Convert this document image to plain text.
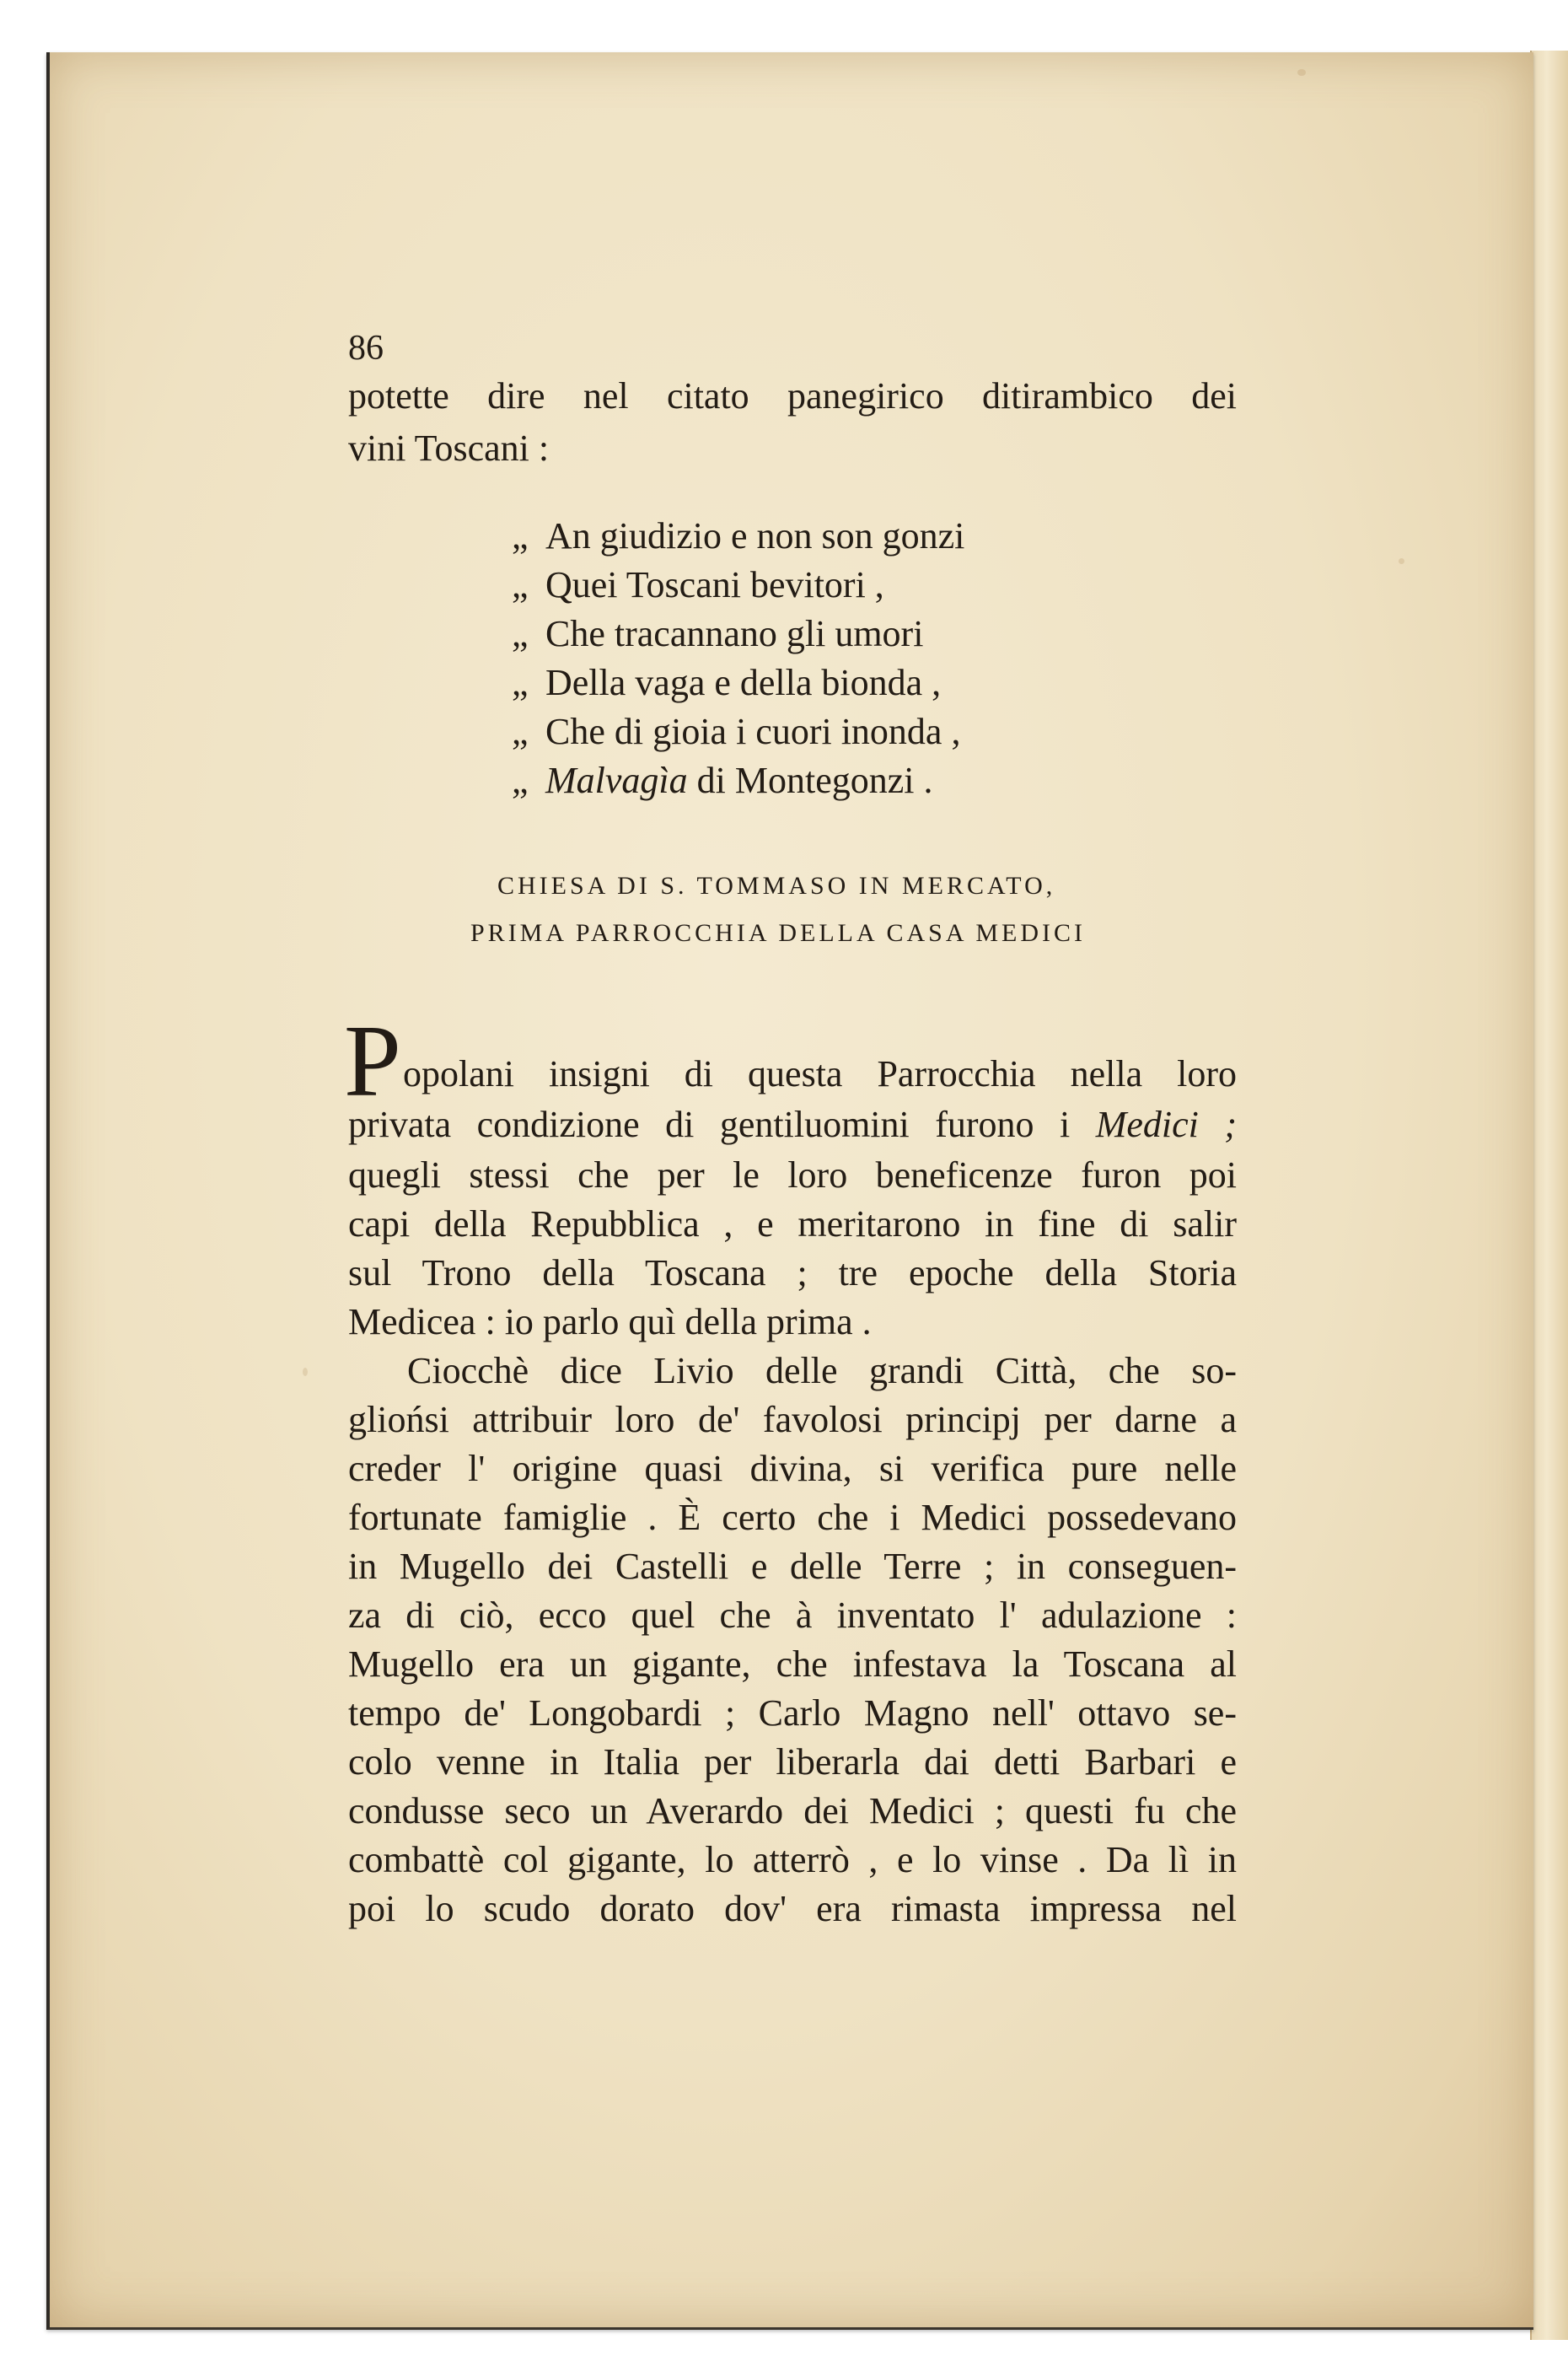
86

potette dire nel citato panegirico ditirambico dei

vini Toscani :

„ An giudizio e non son gonzi

„ Quei Toscani bevitori ,

„ Che tracannano gli umori

„ Della vaga e della bionda ,

„ Che di gioia i cuori inonda ,

„ Malvagìa di Montegonzi .

CHIESA DI S. TOMMASO IN MERCATO,

PRIMA PARROCCHIA DELLA CASA MEDICI

P opolani insigni di questa Parrocchia nella loro

privata condizione di gentiluomini furono i Medici ;

quegli stessi che per le loro beneficenze furon poi

capi della Repubblica , e meritarono in fine di salir

sul Trono della Toscana ; tre epoche della Storia

Medicea : io parlo quì della prima .

Ciocchè dice Livio delle grandi Città, che so-

gliońsi attribuir loro de' favolosi principj per darne a

creder l' origine quasi divina, si verifica pure nelle

fortunate famiglie . È certo che i Medici possedevano

in Mugello dei Castelli e delle Terre ; in conseguen-

za di ciò, ecco quel che à inventato l' adulazione :

Mugello era un gigante, che infestava la Toscana al

tempo de' Longobardi ; Carlo Magno nell' ottavo se-

colo venne in Italia per liberarla dai detti Barbari e

condusse seco un Averardo dei Medici ; questi fu che

combattè col gigante, lo atterrò , e lo vinse . Da lì in

poi lo scudo dorato dov' era rimasta impressa nel
